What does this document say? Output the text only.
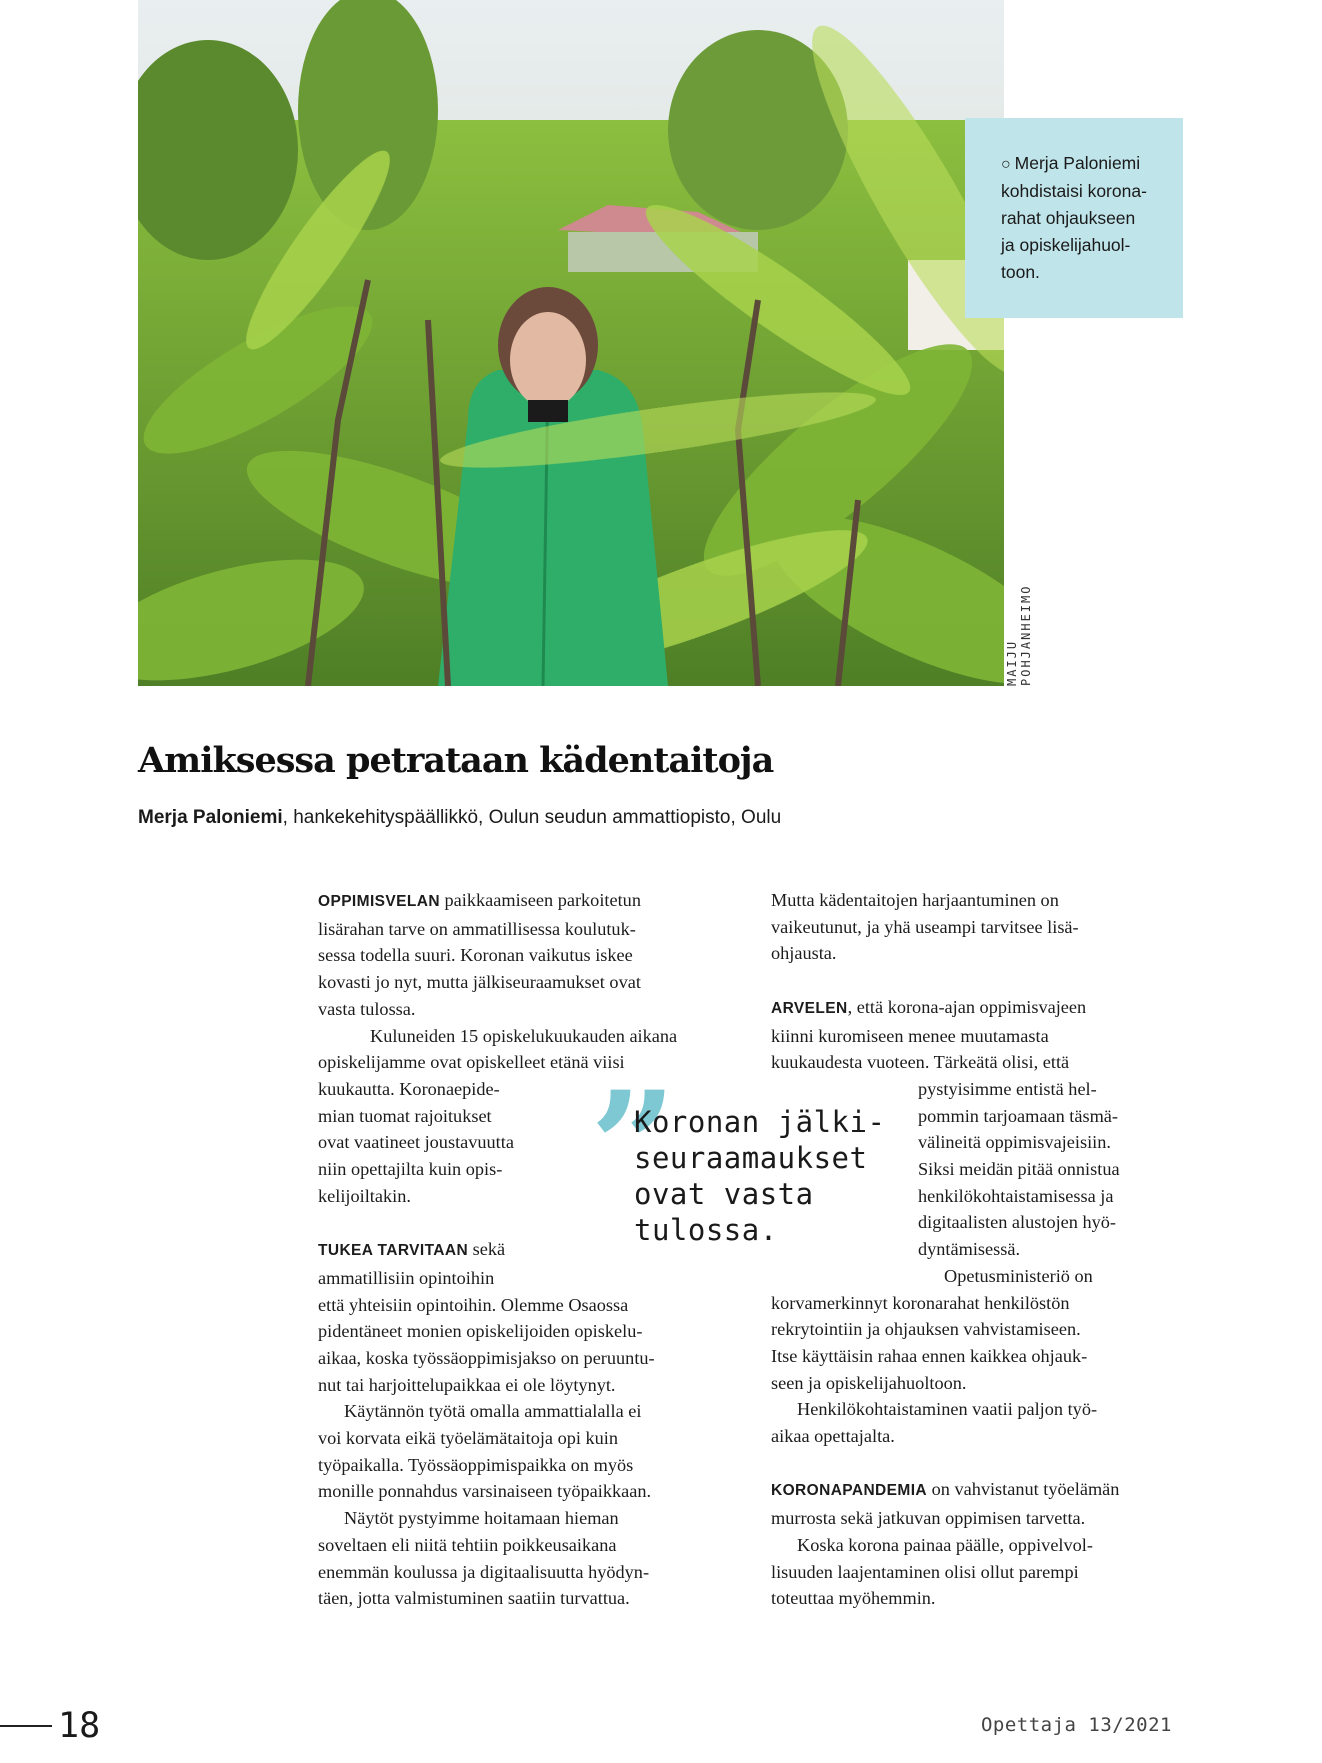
○ Merja Paloniemi
kohdistaisi korona-
rahat ohjaukseen
ja opiskelijahuol-
toon.
MAIJU POHJANHEIMO
Amiksessa petrataan kädentaitoja
Merja Paloniemi, hankekehityspäällikkö, Oulun seudun ammattiopisto, Oulu

OPPIMISVELAN paikkaamiseen parkoitetun
lisärahan tarve on ammatillisessa koulutuk-
sessa todella suuri. Koronan vaikutus iskee
kovasti jo nyt, mutta jälkiseuraamukset ovat
vasta tulossa.

Kuluneiden 15 opiskelukuukauden aikana
opiskelijamme ovat opiskelleet etänä viisi
kuukautta. Koronaepide-
mian tuomat rajoitukset
ovat vaatineet joustavuutta
niin opettajilta kuin opis-
kelijoiltakin.

TUKEA TARVITAAN sekä
ammatillisiin opintoihin
että yhteisiin opintoihin. Olemme Osaossa
pidentäneet monien opiskelijoiden opiskelu-
aikaa, koska työssäoppimisjakso on peruuntu-
nut tai harjoittelupaikkaa ei ole löytynyt.

Käytännön työtä omalla ammattialalla ei
voi korvata eikä työelämätaitoja opi kuin
työpaikalla. Työssäoppimispaikka on myös
monille ponnahdus varsinaiseen työpaikkaan.

Näytöt pystyimme hoitamaan hieman
soveltaen eli niitä tehtiin poikkeusaikana
enemmän koulussa ja digitaalisuutta hyödyn-
täen, jotta valmistuminen saatiin turvattua.

Mutta kädentaitojen harjaantuminen on
vaikeutunut, ja yhä useampi tarvitsee lisä-
ohjausta.

ARVELEN, että korona-ajan oppimisvajeen
kiinni kuromiseen menee muutamasta
kuukaudesta vuoteen. Tärkeätä olisi, että
pystyisimme entistä hel-
pommin tarjoamaan täsmä-
välineitä oppimisvajeisiin.
Siksi meidän pitää onnistua
henkilökohtaistamisessa ja
digitaalisten alustojen hyö-
dyntämisessä.

Opetusministeriö on
korvamerkinnyt koronarahat henkilöstön
rekrytointiin ja ohjauksen vahvistamiseen.
Itse käyttäisin rahaa ennen kaikkea ohjauk-
seen ja opiskelijahuoltoon.

Henkilökohtaistaminen vaatii paljon työ-
aikaa opettajalta.

KORONAPANDEMIA on vahvistanut työelämän
murrosta sekä jatkuvan oppimisen tarvetta.

Koska korona painaa päälle, oppivelvol-
lisuuden laajentaminen olisi ollut parempi
toteuttaa myöhemmin.

”
Koronan jälki-
seuraamaukset
ovat vasta
tulossa.
18	Opettaja 13/2021
